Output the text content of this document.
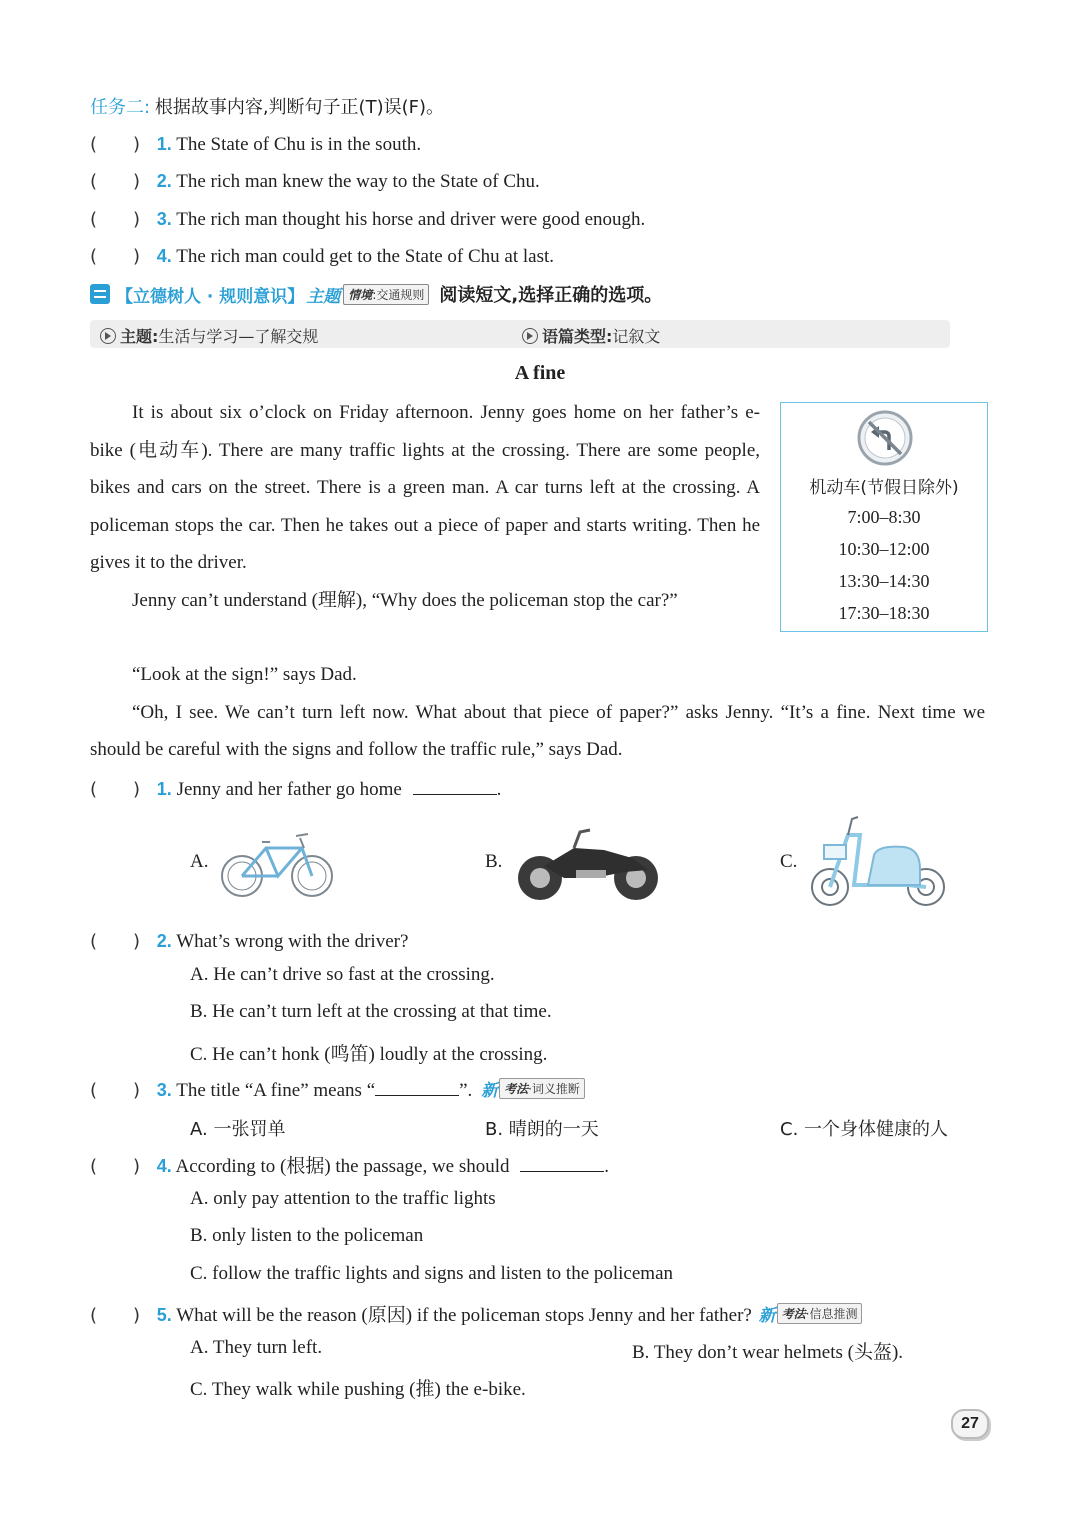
任务二: 根据故事内容,判断句子正(T)误(F)。
(　　) 1. The State of Chu is in the south.
(　　) 2. The rich man knew the way to the State of Chu.
(　　) 3. The rich man thought his horse and driver were good enough.
(　　) 4. The rich man could get to the State of Chu at last.
【立德树人 · 规则意识】 主题 情境:交通规则 阅读短文,选择正确的选项。
主题: 生活与学习—了解交规	语篇类型: 记叙文
A fine

It is about six o’clock on Friday afternoon. Jenny goes home on her father’s e-bike (电动车). There are many traffic lights at the crossing. There are some people, bikes and cars on the street. There is a green man. A car turns left at the crossing. A policeman stops the car. Then he takes out a piece of paper and starts writing. Then he gives it to the driver.

Jenny can’t understand (理解), “Why does the policeman stop the car?”

“Look at the sign!” says Dad.

“Oh, I see. We can’t turn left now. What about that piece of paper?” asks Jenny. “It’s a fine. Next time we should be careful with the signs and follow the traffic rule,” says Dad.

机动车(节假日除外)
7:00–8:30
10:30–12:00
13:30–14:30
17:30–18:30
(　　) 1. Jenny and her father go home	.
A.	B.	C.
(　　) 2. What’s wrong with the driver?
A. He can’t drive so fast at the crossing.
B. He can’t turn left at the crossing at that time.
C. He can’t honk (鸣笛) loudly at the crossing.
(　　) 3. The title “A fine” means “	”. 新 考法·词义推断
A. 一张罚单	B. 晴朗的一天	C. 一个身体健康的人
(　　) 4. According to (根据) the passage, we should	.
A. only pay attention to the traffic lights
B. only listen to the policeman
C. follow the traffic lights and signs and listen to the policeman
(　　) 5. What will be the reason (原因) if the policeman stops Jenny and her father? 新 考法·信息推测
A. They turn left.	B. They don’t wear helmets (头盔).
C. They walk while pushing (推) the e-bike.
27
